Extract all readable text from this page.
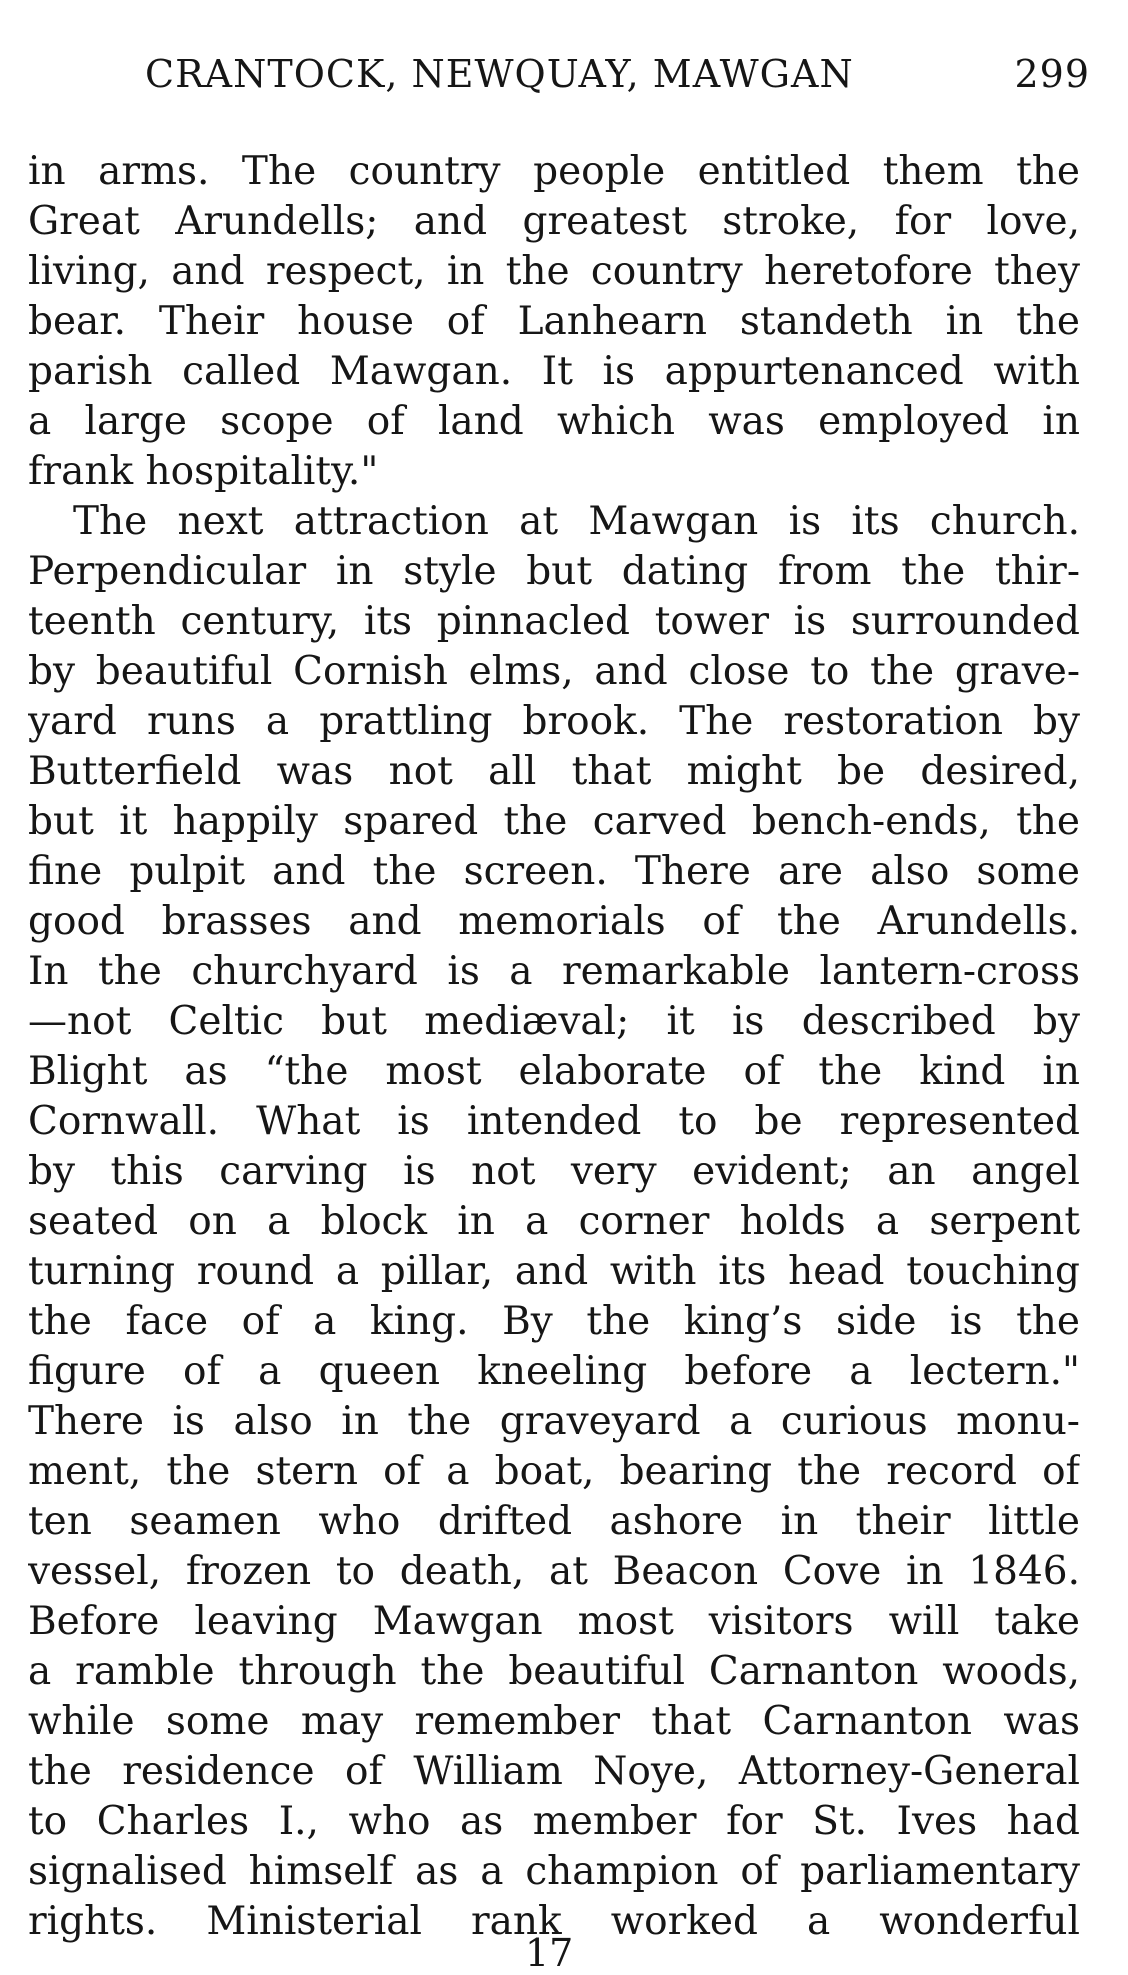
CRANTOCK, NEWQUAY, MAWGAN	299
in arms. The country people entitled them the
Great Arundells; and greatest stroke, for love,
living, and respect, in the country heretofore they
bear. Their house of Lanhearn standeth in the
parish called Mawgan. It is appurtenanced with
a large scope of land which was employed in
frank hospitality."
The next attraction at Mawgan is its church.
Perpendicular in style but dating from the thir-
teenth century, its pinnacled tower is surrounded
by beautiful Cornish elms, and close to the grave-
yard runs a prattling brook. The restoration by
Butterfield was not all that might be desired,
but it happily spared the carved bench-ends, the
fine pulpit and the screen. There are also some
good brasses and memorials of the Arundells.
In the churchyard is a remarkable lantern-cross
—not Celtic but mediæval; it is described by
Blight as “the most elaborate of the kind in
Cornwall. What is intended to be represented
by this carving is not very evident; an angel
seated on a block in a corner holds a serpent
turning round a pillar, and with its head touching
the face of a king. By the king’s side is the
figure of a queen kneeling before a lectern."
There is also in the graveyard a curious monu-
ment, the stern of a boat, bearing the record of
ten seamen who drifted ashore in their little
vessel, frozen to death, at Beacon Cove in 1846.
Before leaving Mawgan most visitors will take
a ramble through the beautiful Carnanton woods,
while some may remember that Carnanton was
the residence of William Noye, Attorney-General
to Charles I., who as member for St. Ives had
signalised himself as a champion of parliamentary
rights. Ministerial rank worked a wonderful
17
